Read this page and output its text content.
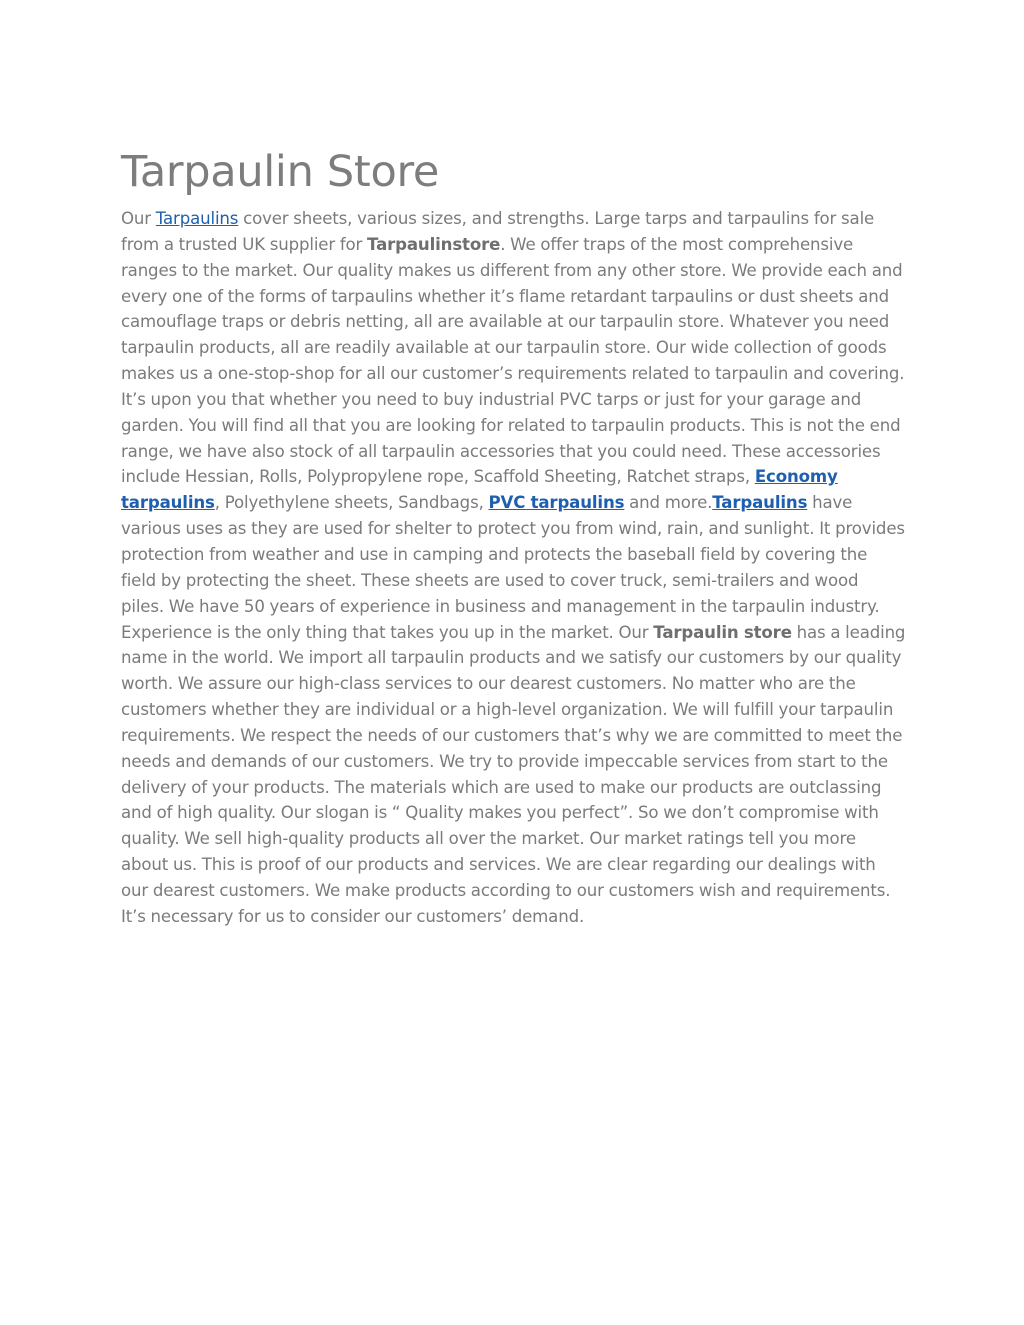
Tarpaulin Store

Our Tarpaulins cover sheets, various sizes, and strengths. Large tarps and tarpaulins for sale from a trusted UK supplier for Tarpaulinstore. We offer traps of the most comprehensive ranges to the market. Our quality makes us different from any other store. We provide each and every one of the forms of tarpaulins whether it’s flame retardant tarpaulins or dust sheets and camouflage traps or debris netting, all are available at our tarpaulin store. Whatever you need tarpaulin products, all are readily available at our tarpaulin store. Our wide collection of goods makes us a one-stop-shop for all our customer’s requirements related to tarpaulin and covering. It’s upon you that whether you need to buy industrial PVC tarps or just for your garage and garden. You will find all that you are looking for related to tarpaulin products. This is not the end range, we have also stock of all tarpaulin accessories that you could need. These accessories include Hessian, Rolls, Polypropylene rope, Scaffold Sheeting, Ratchet straps, Economy tarpaulins, Polyethylene sheets, Sandbags, PVC tarpaulins and more.Tarpaulins have various uses as they are used for shelter to protect you from wind, rain, and sunlight. It provides protection from weather and use in camping and protects the baseball field by covering the field by protecting the sheet. These sheets are used to cover truck, semi-trailers and wood piles. We have 50 years of experience in business and management in the tarpaulin industry. Experience is the only thing that takes you up in the market. Our Tarpaulin store has a leading name in the world. We import all tarpaulin products and we satisfy our customers by our quality worth. We assure our high-class services to our dearest customers. No matter who are the customers whether they are individual or a high-level organization. We will fulfill your tarpaulin requirements. We respect the needs of our customers that’s why we are committed to meet the needs and demands of our customers. We try to provide impeccable services from start to the delivery of your products. The materials which are used to make our products are outclassing and of high quality. Our slogan is “ Quality makes you perfect”. So we don’t compromise with quality. We sell high-quality products all over the market. Our market ratings tell you more about us. This is proof of our products and services. We are clear regarding our dealings with our dearest customers. We make products according to our customers wish and requirements. It’s necessary for us to consider our customers’ demand.
